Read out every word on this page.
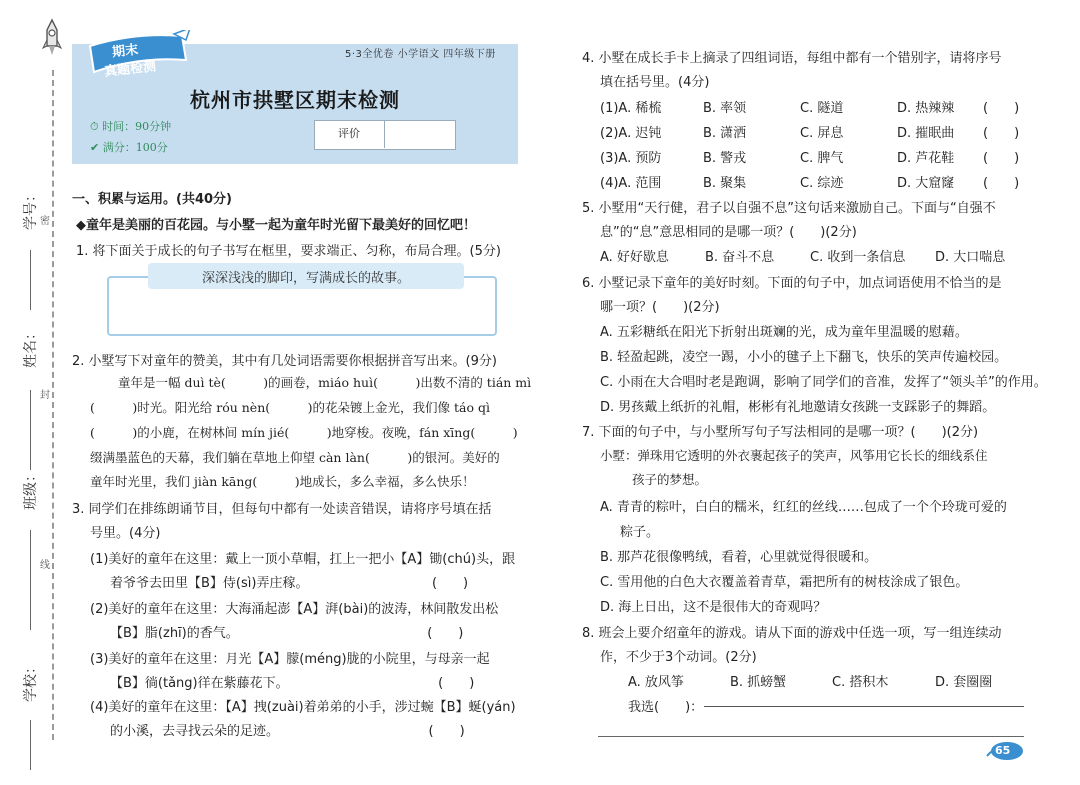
学号：
姓名：
班级：
学校：
密
封
线
期末
真题检测
5·3全优卷 小学语文 四年级下册
杭州市拱墅区期末检测
⏱ 时间：90分钟
✔ 满分：100分
评价
一、积累与运用。(共40分)
◆童年是美丽的百花园。与小墅一起为童年时光留下最美好的回忆吧！
1. 将下面关于成长的句子书写在框里，要求端正、匀称，布局合理。(5分)
深深浅浅的脚印，写满成长的故事。
2. 小墅写下对童年的赞美，其中有几处词语需要你根据拼音写出来。(9分)
童年是一幅 duì tè(　　　)的画卷，miáo huì(　　　)出数不清的 tián mì
(　　　)时光。阳光给 róu nèn(　　　)的花朵镀上金光，我们像 táo qì
(　　　)的小鹿，在树林间 mín jié(　　　)地穿梭。夜晚，fán xīng(　　　)
缀满墨蓝色的天幕，我们躺在草地上仰望 càn làn(　　　)的银河。美好的
童年时光里，我们 jiàn kāng(　　　)地成长，多么幸福，多么快乐！
3. 同学们在排练朗诵节目，但每句中都有一处读音错误，请将序号填在括
号里。(4分)
(1)美好的童年在这里：戴上一顶小草帽，扛上一把小【A】锄(chú)头，跟
着爷爷去田里【B】侍(sì)弄庄稼。　　　　　　　　　　(　　)
(2)美好的童年在这里：大海涌起澎【A】湃(bài)的波涛，林间散发出松
【B】脂(zhī)的香气。　　　　　　　　　　　　　　　(　　)
(3)美好的童年在这里：月光【A】朦(méng)胧的小院里，与母亲一起
【B】徜(tǎng)徉在紫藤花下。　　　　　　　　　　　　(　　)
(4)美好的童年在这里：【A】拽(zuài)着弟弟的小手，涉过蜿【B】蜒(yán)
的小溪，去寻找云朵的足迹。　　　　　　　　　　　　(　　)
4. 小墅在成长手卡上摘录了四组词语，每组中都有一个错别字，请将序号
填在括号里。(4分)
(1)A. 稀梳	B. 率领	C. 隧道	D. 热辣辣 (　　)
(2)A. 迟钝	B. 潇洒	C. 屏息	D. 摧眠曲 (　　)
(3)A. 预防	B. 警戎	C. 脾气	D. 芦花鞋 (　　)
(4)A. 范围	B. 聚集	C. 综迹	D. 大窟窿 (　　)
5. 小墅用“天行健，君子以自强不息”这句话来激励自己。下面与“自强不
息”的“息”意思相同的是哪一项？(　　)(2分)
A. 好好歇息	B. 奋斗不息	C. 收到一条信息 D. 大口喘息
6. 小墅记录下童年的美好时刻。下面的句子中，加点词语使用不恰当的是
哪一项？(　　)(2分)
A. 五彩糖纸在阳光下折射出斑斓的光，成为童年里温暖的慰藉。
B. 轻盈起跳，凌空一踢，小小的毽子上下翻飞，快乐的笑声传遍校园。
C. 小雨在大合唱时老是跑调，影响了同学们的音准，发挥了“领头羊”的作用。
D. 男孩戴上纸折的礼帽，彬彬有礼地邀请女孩跳一支踩影子的舞蹈。
7. 下面的句子中，与小墅所写句子写法相同的是哪一项？(　　)(2分)
小墅：弹珠用它透明的外衣裹起孩子的笑声，风筝用它长长的细线系住
孩子的梦想。
A. 青青的粽叶，白白的糯米，红红的丝线……包成了一个个玲珑可爱的
粽子。
B. 那芦花很像鸭绒，看着，心里就觉得很暖和。
C. 雪用他的白色大衣覆盖着青草，霜把所有的树枝涂成了银色。
D. 海上日出，这不是很伟大的奇观吗？
8. 班会上要介绍童年的游戏。请从下面的游戏中任选一项，写一组连续动
作，不少于3个动词。(2分)
A. 放风筝	B. 抓螃蟹	C. 搭积木	D. 套圈圈
我选(　　)：
65
